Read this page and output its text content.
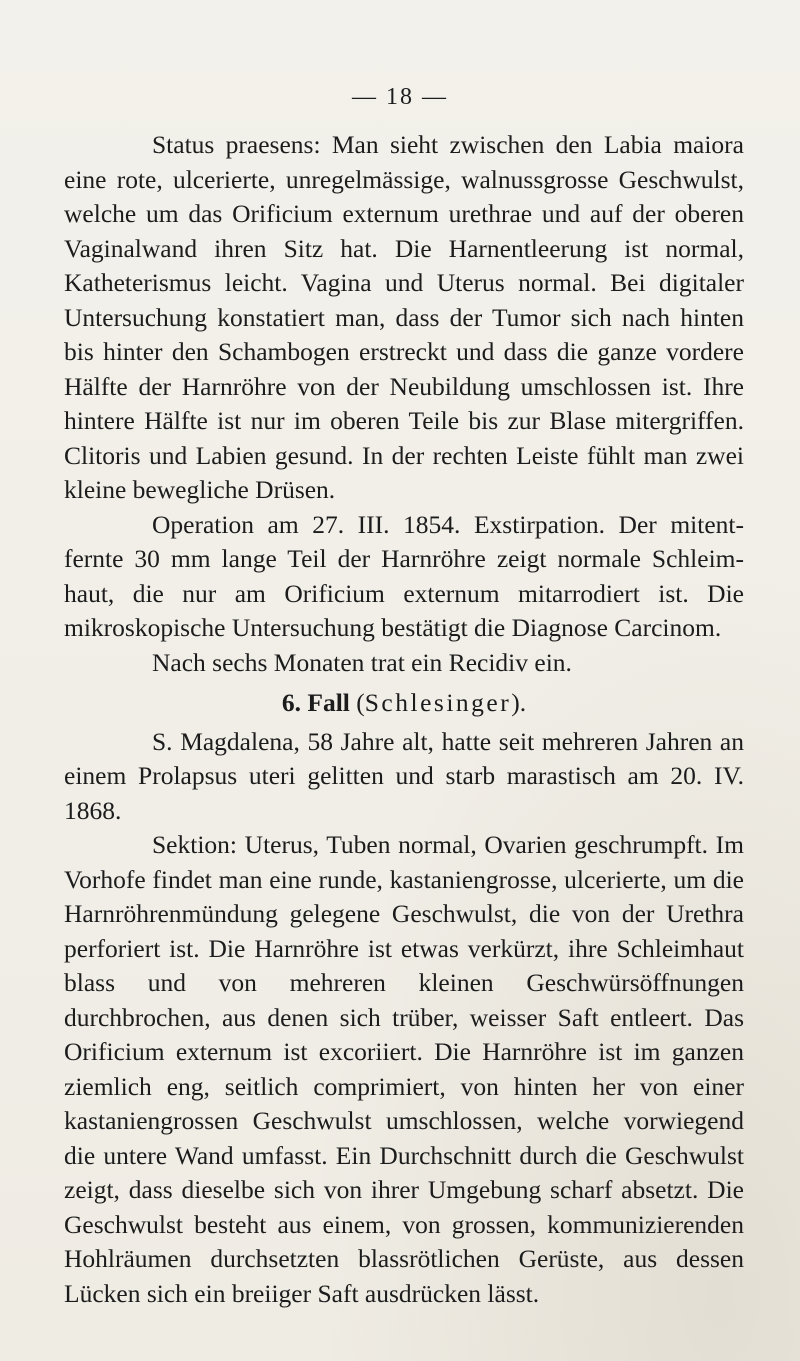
— 18 —

Status praesens: Man sieht zwischen den Labia maiora eine rote, ulcerierte, unregelmässige, walnussgrosse Geschwulst, welche um das Orificium externum urethrae und auf der oberen Vaginalwand ihren Sitz hat. Die Harnentleerung ist normal, Katheterismus leicht. Vagina und Uterus normal. Bei digitaler Untersuchung konstatiert man, dass der Tumor sich nach hinten bis hinter den Schambogen erstreckt und dass die ganze vordere Hälfte der Harnröhre von der Neubildung umschlossen ist. Ihre hintere Hälfte ist nur im oberen Teile bis zur Blase mitergriffen. Clitoris und Labien gesund. In der rechten Leiste fühlt man zwei kleine bewegliche Drüsen.

Operation am 27. III. 1854. Exstirpation. Der mitentfernte 30 mm lange Teil der Harnröhre zeigt normale Schleimhaut, die nur am Orificium externum mitarrodiert ist. Die mikroskopische Untersuchung bestätigt die Diagnose Carcinom.

Nach sechs Monaten trat ein Recidiv ein.

6. Fall (Schlesinger).

S. Magdalena, 58 Jahre alt, hatte seit mehreren Jahren an einem Prolapsus uteri gelitten und starb marastisch am 20. IV. 1868.

Sektion: Uterus, Tuben normal, Ovarien geschrumpft. Im Vorhofe findet man eine runde, kastaniengrosse, ulcerierte, um die Harnröhrenmündung gelegene Geschwulst, die von der Urethra perforiert ist. Die Harnröhre ist etwas verkürzt, ihre Schleimhaut blass und von mehreren kleinen Geschwürsöffnungen durchbrochen, aus denen sich trüber, weisser Saft entleert. Das Orificium externum ist excoriiert. Die Harnröhre ist im ganzen ziemlich eng, seitlich comprimiert, von hinten her von einer kastaniengrossen Geschwulst umschlossen, welche vorwiegend die untere Wand umfasst. Ein Durchschnitt durch die Geschwulst zeigt, dass dieselbe sich von ihrer Umgebung scharf absetzt. Die Geschwulst besteht aus einem, von grossen, kommunizierenden Hohlräumen durchsetzten blassrötlichen Gerüste, aus dessen Lücken sich ein breiiger Saft ausdrücken lässt.
